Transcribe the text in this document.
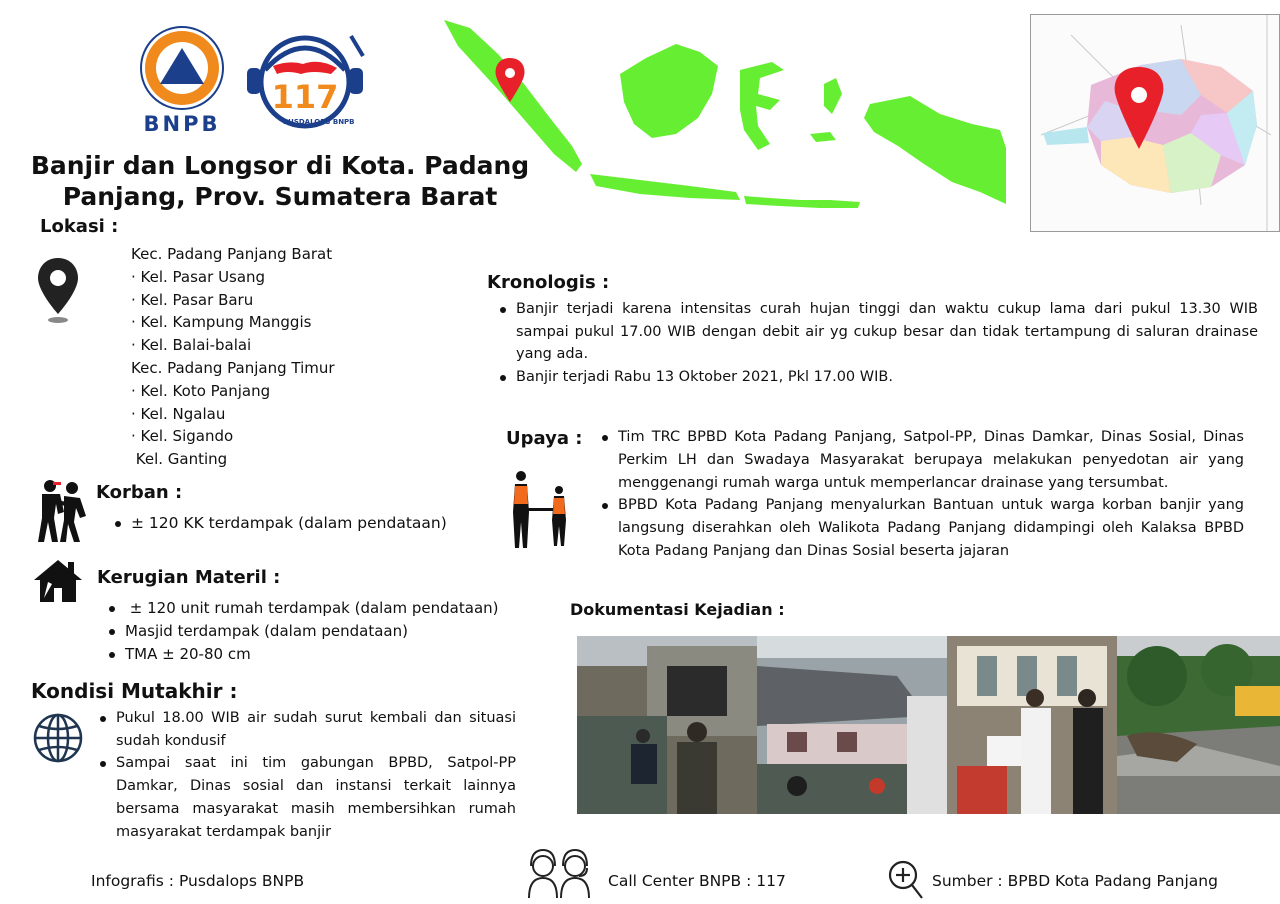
BNPB
117
PUSDALOPS BNPB
Banjir dan Longsor di Kota. Padang
Panjang, Prov. Sumatera Barat
Lokasi :
Kec. Padang Panjang Barat
· Kel. Pasar Usang
· Kel. Pasar Baru
· Kel. Kampung Manggis
· Kel. Balai-balai
Kec. Padang Panjang Timur
· Kel. Koto Panjang
· Kel. Ngalau
· Kel. Sigando
Kel. Ganting
Korban :
± 120 KK terdampak (dalam pendataan)
Kerugian Materil :
± 120 unit rumah terdampak (dalam pendataan)
Masjid terdampak (dalam pendataan)
TMA ± 20-80 cm
Kondisi Mutakhir :
Pukul 18.00 WIB air sudah surut kembali dan situasi sudah kondusif
Sampai saat ini tim gabungan BPBD, Satpol-PP Damkar, Dinas sosial dan instansi terkait lainnya bersama masyarakat masih membersihkan rumah masyarakat terdampak banjir
Kronologis :
Banjir terjadi karena intensitas curah hujan tinggi dan waktu cukup lama dari pukul 13.30 WIB sampai pukul 17.00 WIB dengan debit air yg cukup besar dan tidak tertampung di saluran drainase yang ada.
Banjir terjadi Rabu 13 Oktober 2021, Pkl 17.00 WIB.
Upaya :	Tim TRC BPBD Kota Padang Panjang, Satpol-PP, Dinas Damkar, Dinas Sosial, Dinas Perkim LH dan Swadaya Masyarakat berupaya melakukan penyedotan air yang menggenangi rumah warga untuk memperlancar drainase yang tersumbat.
BPBD Kota Padang Panjang menyalurkan Bantuan untuk warga korban banjir yang langsung diserahkan oleh Walikota Padang Panjang didampingi oleh Kalaksa BPBD Kota Padang Panjang dan Dinas Sosial beserta jajaran
Dokumentasi Kejadian :
Infografis : Pusdalops BNPB	Call Center BNPB : 117	Sumber : BPBD Kota Padang Panjang
